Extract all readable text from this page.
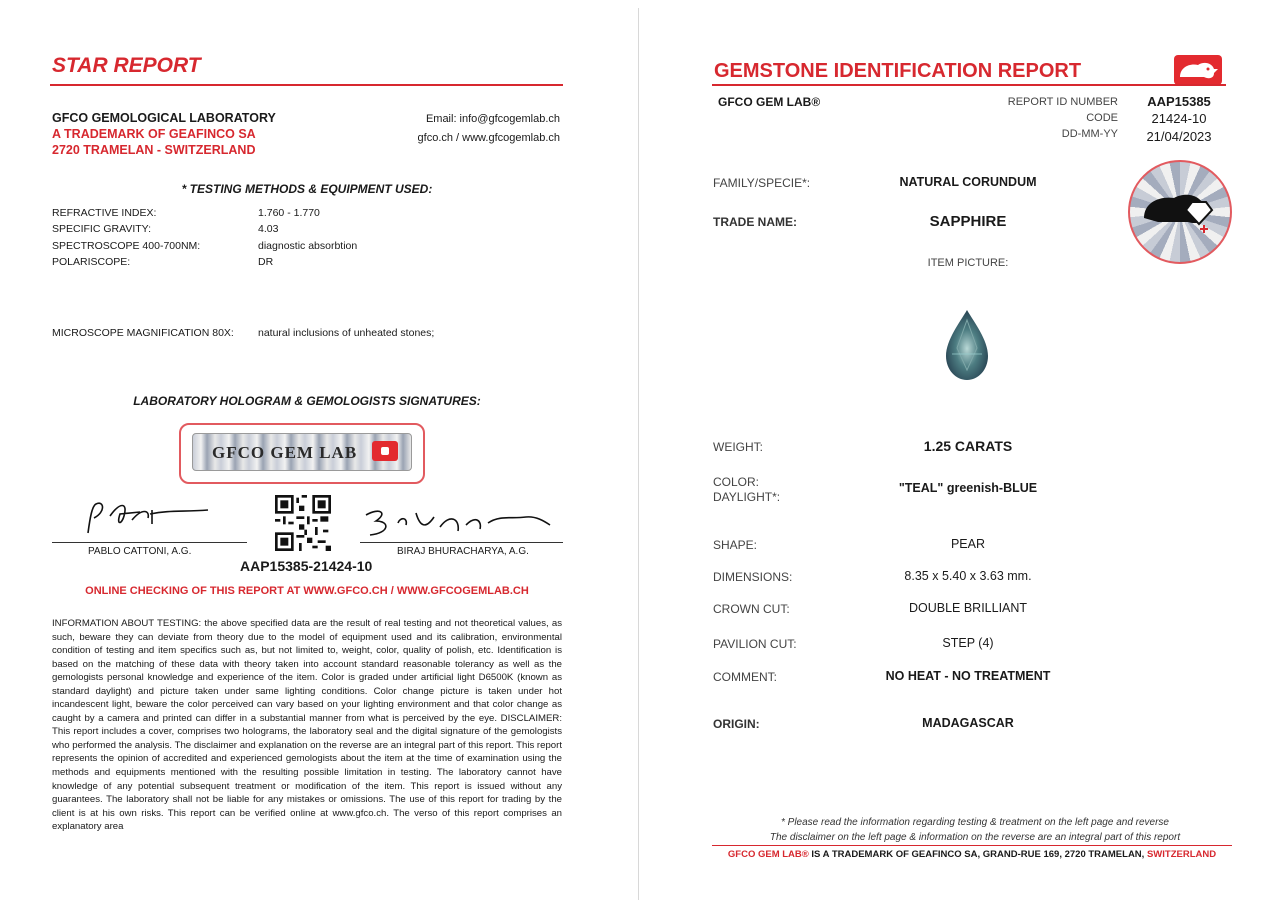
STAR REPORT
GFCO GEMOLOGICAL LABORATORY
A TRADEMARK OF GEAFINCO SA
2720 TRAMELAN - SWITZERLAND
Email: info@gfcogemlab.ch
gfco.ch / www.gfcogemlab.ch
* TESTING METHODS & EQUIPMENT USED:
REFRACTIVE INDEX:	1.760 - 1.770
SPECIFIC GRAVITY:	4.03
SPECTROSCOPE 400-700NM:	diagnostic absorbtion
POLARISCOPE:	DR
MICROSCOPE MAGNIFICATION 80X:	natural inclusions of unheated stones;
LABORATORY HOLOGRAM & GEMOLOGISTS SIGNATURES:
GFCO GEM LAB
PABLO CATTONI, A.G.	BIRAJ BHURACHARYA, A.G.
AAP15385-21424-10
ONLINE CHECKING OF THIS REPORT AT WWW.GFCO.CH / WWW.GFCOGEMLAB.CH
INFORMATION ABOUT TESTING: the above specified data are the result of real testing and not theoretical values, as such, beware they can deviate from theory due to the model of equipment used and its calibration, environmental condition of testing and item specifics such as, but not limited to, weight, color, quality of polish, etc. Identification is based on the matching of these data with theory taken into account standard reasonable tolerancy as well as the gemologists personal knowledge and experience of the item. Color is graded under artificial light D6500K (known as standard daylight) and picture taken under same lighting conditions. Color change picture is taken under hot incandescent light, beware the color perceived can vary based on your lighting environment and that color change as caught by a camera and printed can differ in a substantial manner from what is perceived by the eye. DISCLAIMER: This report includes a cover, comprises two holograms, the laboratory seal and the digital signature of the gemologists who performed the analysis. The disclaimer and explanation on the reverse are an integral part of this report. This report represents the opinion of accredited and experienced gemologists about the item at the time of examination using the methods and equipments mentioned with the resulting possible limitation in testing. The laboratory cannot have knowledge of any potential subsequent treatment or modification of the item. This report is issued without any guarantees. The laboratory shall not be liable for any mistakes or omissions. The use of this report for trading by the client is at his own risks. This report can be verified online at www.gfco.ch. The verso of this report comprises an explanatory area
GEMSTONE IDENTIFICATION REPORT
GFCO GEM LAB®	REPORT ID NUMBER	AAP15385
CODE	21424-10
DD-MM-YY	21/04/2023
FAMILY/SPECIE*:	NATURAL CORUNDUM
TRADE NAME:	SAPPHIRE
ITEM PICTURE:
WEIGHT:	1.25 CARATS
COLOR:
DAYLIGHT*:
"TEAL" greenish-BLUE
SHAPE:	PEAR
DIMENSIONS:	8.35 x 5.40 x 3.63 mm.
CROWN CUT:	DOUBLE BRILLIANT
PAVILION CUT:	STEP (4)
COMMENT:	NO HEAT - NO TREATMENT
ORIGIN:	MADAGASCAR
* Please read the information regarding testing & treatment on the left page and reverse
The disclaimer on the left page & information on the reverse are an integral part of this report
GFCO GEM LAB® IS A TRADEMARK OF GEAFINCO SA, GRAND-RUE 169, 2720 TRAMELAN, SWITZERLAND
